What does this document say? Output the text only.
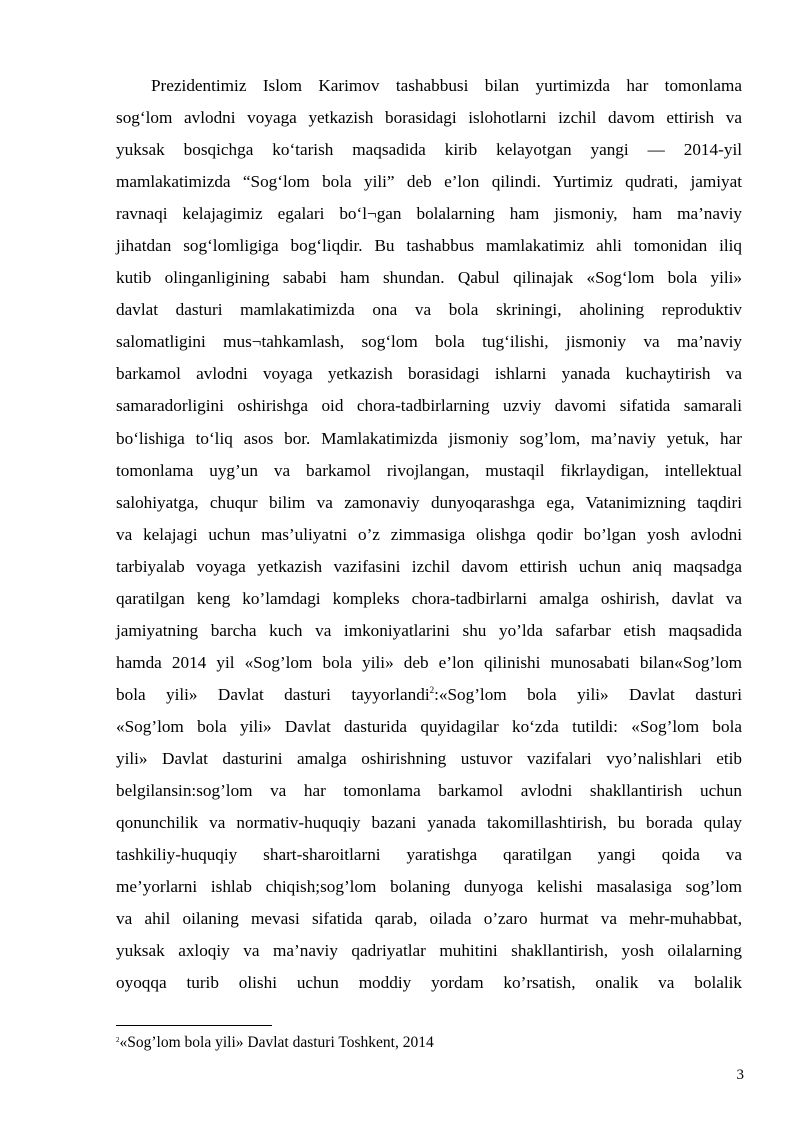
Prezidentimiz Islom Karimov tashabbusi bilan yurtimizda har tomonlama
sog‘lom avlodni voyaga yetkazish borasidagi islohotlarni izchil davom ettirish va
yuksak bosqichga ko‘tarish maqsadida kirib kelayotgan yangi — 2014-yil
mamlakatimizda “Sog‘lom bola yili” deb e’lon qilindi. Yurtimiz qudrati, jamiyat
ravnaqi kelajagimiz egalari bo‘l¬gan bolalarning ham jismoniy, ham ma’naviy
jihatdan sog‘lomligiga bog‘liqdir. Bu tashabbus mamlakatimiz ahli tomonidan iliq
kutib olinganligining sababi ham shundan. Qabul qilinajak «Sog‘lom bola yili»
davlat dasturi mamlakatimizda ona va bola skriningi, aholining reproduktiv
salomatligini mus¬tahkamlash, sog‘lom bola tug‘ilishi, jismoniy va ma’naviy
barkamol avlodni voyaga yetkazish borasidagi ishlarni yanada kuchaytirish va
samaradorligini oshirishga oid chora-tadbirlarning uzviy davomi sifatida samarali
bo‘lishiga to‘liq asos bor. Mamlakatimizda jismoniy sog’lom, ma’naviy yetuk, har
tomonlama uyg’un va barkamol rivojlangan, mustaqil fikrlaydigan, intellektual
salohiyatga, chuqur bilim va zamonaviy dunyoqarashga ega, Vatanimizning taqdiri
va kelajagi uchun mas’uliyatni o’z zimmasiga olishga qodir bo’lgan yosh avlodni
tarbiyalab voyaga yetkazish vazifasini izchil davom ettirish uchun aniq maqsadga
qaratilgan keng ko’lamdagi kompleks chora-tadbirlarni amalga oshirish, davlat va
jamiyatning barcha kuch va imkoniyatlarini shu yo’lda safarbar etish maqsadida
hamda 2014 yil «Sog’lom bola yili» deb e’lon qilinishi munosabati bilan«Sog’lom
bola yili» Davlat dasturi tayyorlandi$^2$:«Sog’lom bola yili» Davlat dasturi
«Sog’lom bola yili» Davlat dasturida quyidagilar ko‘zda tutildi: «Sog’lom bola
yili» Davlat dasturini amalga oshirishning ustuvor vazifalari vyo’nalishlari etib
belgilansin:sog’lom va har tomonlama barkamol avlodni shakllantirish uchun
qonunchilik va normativ-huquqiy bazani yanada takomillashtirish, bu borada qulay
tashkiliy-huquqiy shart-sharoitlarni yaratishga qaratilgan yangi qoida va
me’yorlarni ishlab chiqish;sog’lom bolaning dunyoga kelishi masalasiga sog’lom
va ahil oilaning mevasi sifatida qarab, oilada o’zaro hurmat va mehr-muhabbat,
yuksak axloqiy va ma’naviy qadriyatlar muhitini shakllantirish, yosh oilalarning
oyoqqa turib olishi uchun moddiy yordam ko’rsatish, onalik va bolalik
$^2$«Sog’lom bola yili» Davlat dasturi Toshkent, 2014
3
